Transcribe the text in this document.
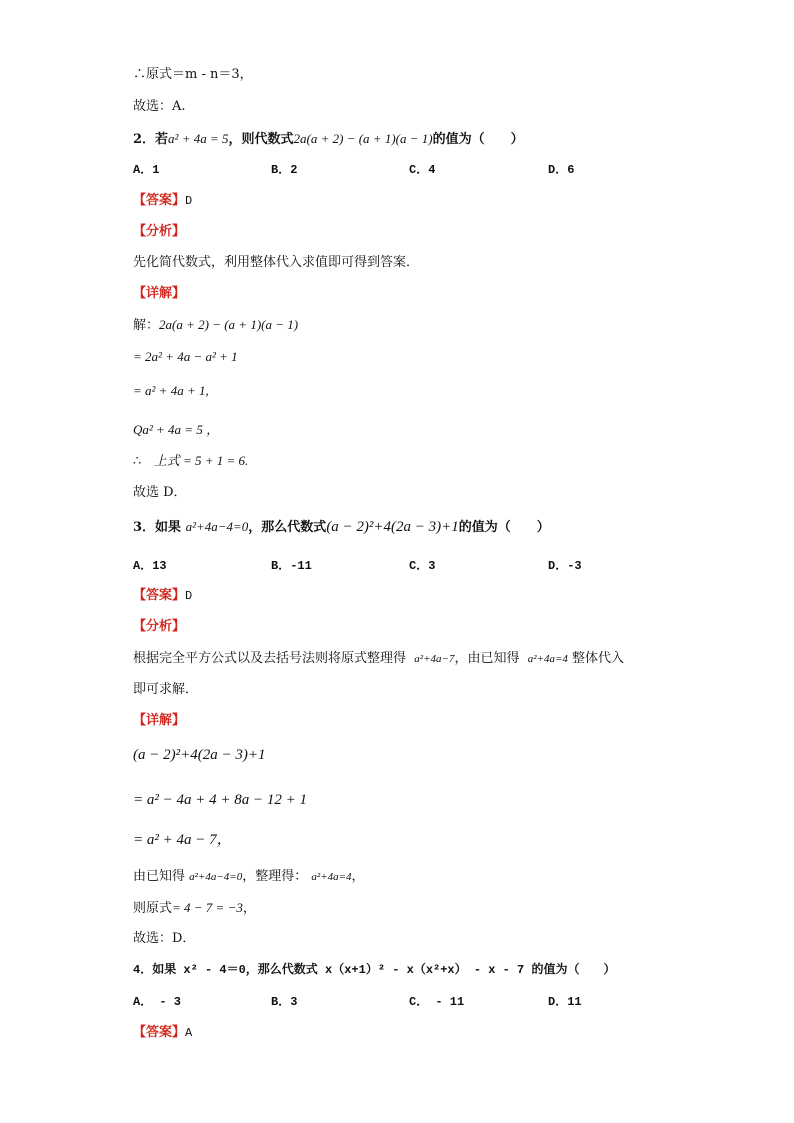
∴原式＝m - n＝3，
故选：A.
2．若a² + 4a = 5，则代数式2a(a + 2) − (a + 1)(a − 1)的值为（　　）
A．1	B．2	C．4	D．6
【答案】D
【分析】
先化简代数式，利用整体代入求值即可得到答案．
【详解】
解：2a(a + 2) − (a + 1)(a − 1)
= 2a² + 4a − a² + 1
= a² + 4a + 1,
Qa² + 4a = 5 ，
∴ 上式 = 5 + 1 = 6.
故选 D．
3．如果 a²+4a−4=0，那么代数式(a − 2)²+4(2a − 3)+1的值为（　　）
A．13	B．-11	C．3	D．-3
【答案】D
【分析】
根据完全平方公式以及去括号法则将原式整理得 a²+4a−7，由已知得 a²+4a=4 整体代入
即可求解．
【详解】
(a − 2)²+4(2a − 3)+1
= a² − 4a + 4 + 8a − 12 + 1
= a² + 4a − 7，
由已知得 a²+4a−4=0，整理得： a²+4a=4，
则原式= 4 − 7 = −3，
故选：D．
4．如果 x² - 4＝0，那么代数式 x（x+1）² - x（x²+x） - x - 7 的值为（　　）
A． - 3	B．3	C． - 11	D．11
【答案】A
